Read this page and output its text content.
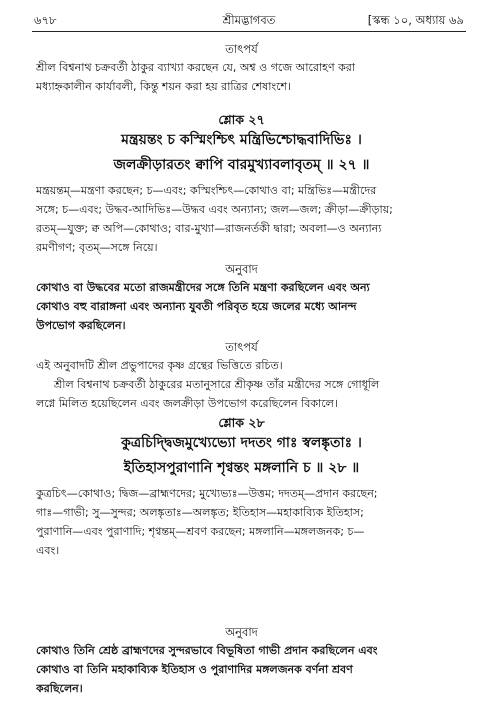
৬৭৮	শ্রীমদ্ভাগবত	[স্কন্ধ ১০, অধ্যায় ৬৯
তাৎপর্য

শ্রীল বিশ্বনাথ চক্রবর্তী ঠাকুর ব্যাখ্যা করছেন যে, অশ্ব ও গজে আরোহণ করা

মধ্যাহ্নকালীন কার্যাবলী, কিন্তু শয়ন করা হয় রাত্রির শেষাংশে।

শ্লোক ২৭

মন্ত্রয়ন্তং চ কস্মিংশ্চিৎ মন্ত্রিভিশ্চোদ্ধবাদিভিঃ ।

জলক্রীড়ারতং ক্বাপি বারমুখ্যাবলাবৃতম্ ॥ ২৭ ॥

মন্ত্রয়ন্তম্—মন্ত্রণা করছেন; চ—এবং; কস্মিংশ্চিৎ—কোথাও বা; মন্ত্রিভিঃ—মন্ত্রীদের

সঙ্গে; চ—এবং; উদ্ধব-আদিভিঃ—উদ্ধব এবং অন্যান্য; জল—জল; ক্রীড়া—ক্রীড়ায়;

রতম্—যুক্ত; ক্ব অপি—কোথাও; বার-মুখ্যা—রাজনর্তকী দ্বারা; অবলা—ও অন্যান্য

রমণীগণ; বৃতম্—সঙ্গে নিয়ে।

অনুবাদ

কোথাও বা উদ্ধবের মতো রাজমন্ত্রীদের সঙ্গে তিনি মন্ত্রণা করছিলেন এবং অন্য

কোথাও বহু বারাঙ্গনা এবং অন্যান্য যুবতী পরিবৃত হয়ে জলের মধ্যে আনন্দ

উপভোগ করছিলেন।

তাৎপর্য

এই অনুবাদটি শ্রীল প্রভুপাদের কৃষ্ণ গ্রন্থের ভিত্তিতে রচিত।

শ্রীল বিশ্বনাথ চক্রবর্তী ঠাকুরের মতানুসারে শ্রীকৃষ্ণ তাঁর মন্ত্রীদের সঙ্গে গোধূলি

লগ্নে মিলিত হয়েছিলেন এবং জলক্রীড়া উপভোগ করেছিলেন বিকালে।

শ্লোক ২৮

কুত্রচিদ্দ্বিজমুখ্যেভ্যো দদতং গাঃ স্বলঙ্কৃতাঃ ।

ইতিহাসপুরাণানি শৃণ্বন্তং মঙ্গলানি চ ॥ ২৮ ॥

কুত্রচিৎ—কোথাও; দ্বিজ—ব্রাহ্মণদের; মুখ্যেভ্যঃ—উত্তম; দদতম্—প্রদান করছেন;

গাঃ—গাভী; সু—সুন্দর; অলঙ্কৃতাঃ—অলঙ্কৃত; ইতিহাস—মহাকাব্যিক ইতিহাস;

পুরাণানি—এবং পুরাণাদি; শৃণ্বন্তম্—শ্রবণ করছেন; মঙ্গলানি—মঙ্গলজনক; চ—

এবং।

অনুবাদ

কোথাও তিনি শ্রেষ্ঠ ব্রাহ্মণদের সুন্দরভাবে বিভূষিতা গাভী প্রদান করছিলেন এবং

কোথাও বা তিনি মহাকাব্যিক ইতিহাস ও পুরাণাদির মঙ্গলজনক বর্ণনা শ্রবণ

করছিলেন।
